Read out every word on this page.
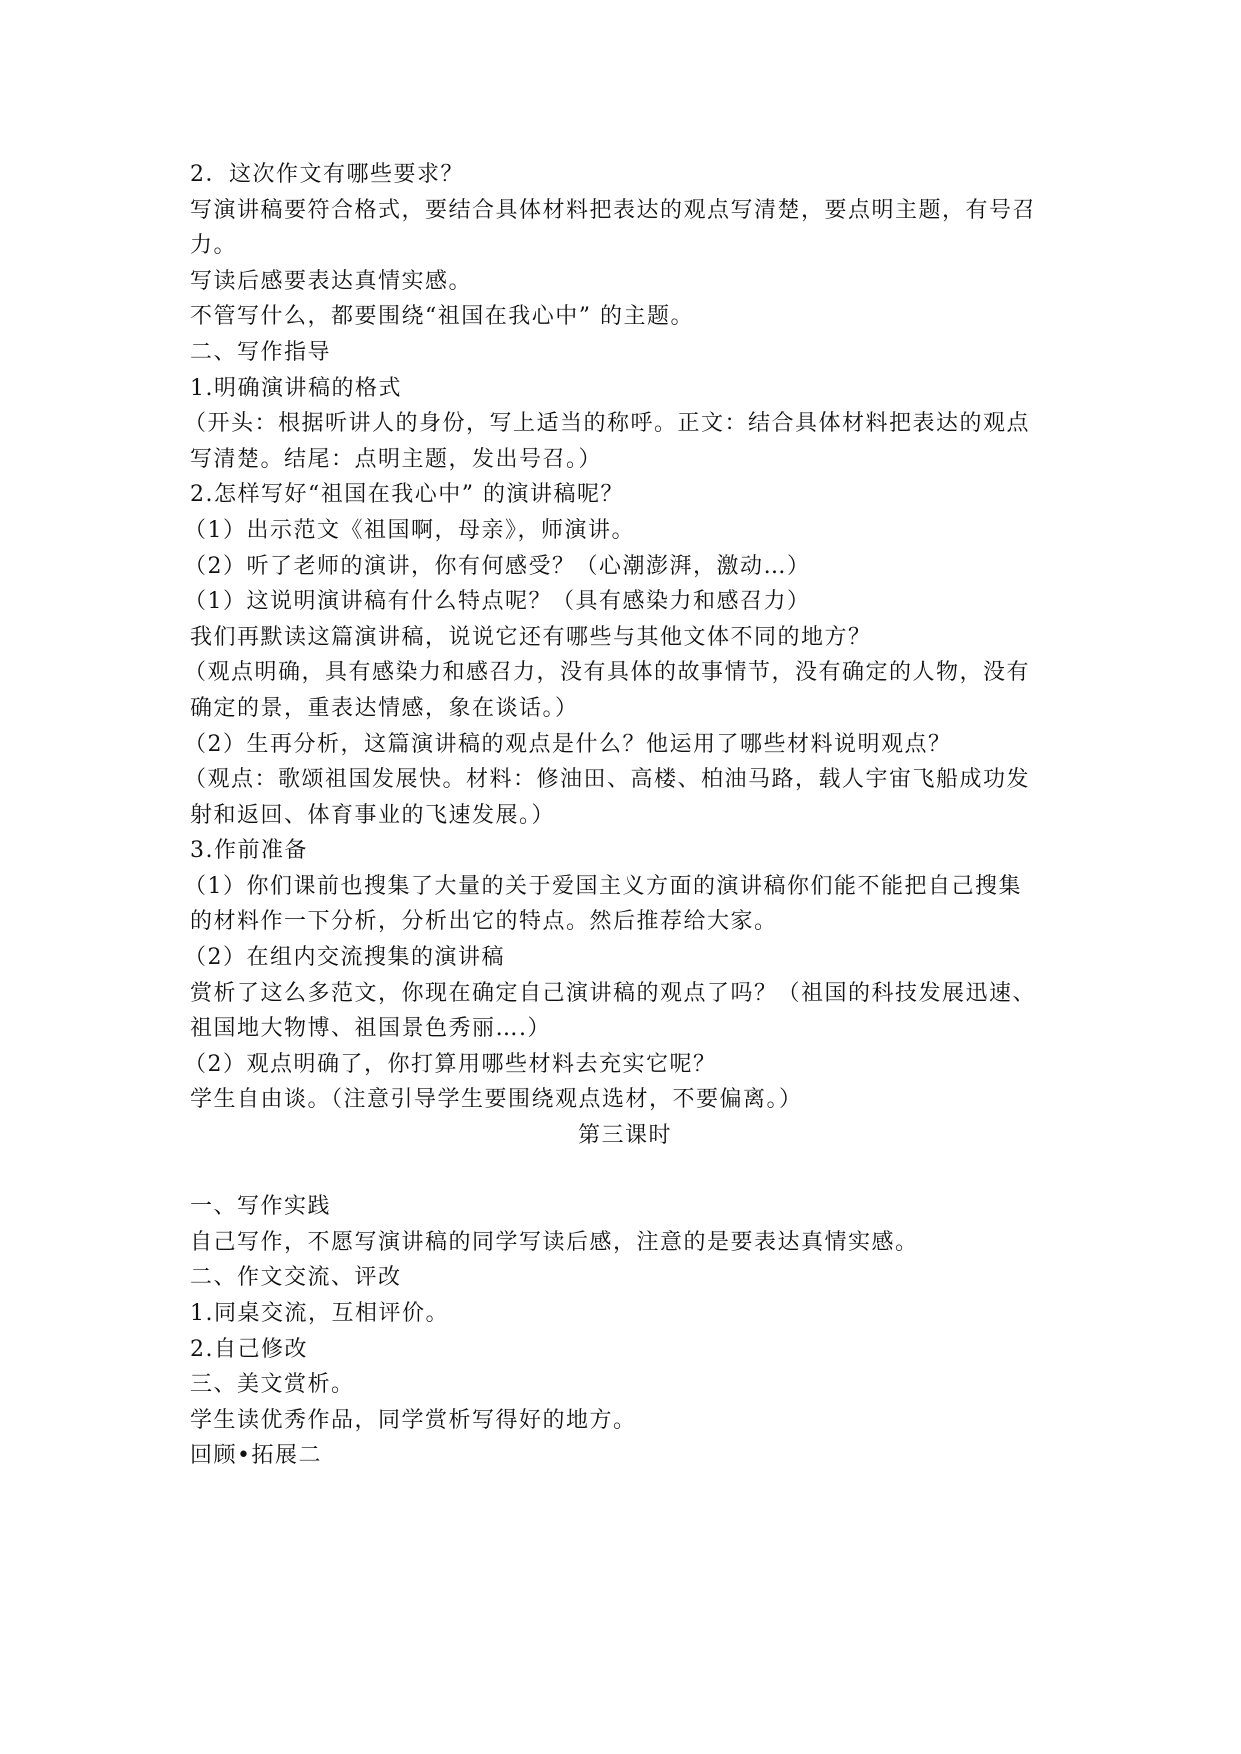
2．这次作文有哪些要求？
写演讲稿要符合格式，要结合具体材料把表达的观点写清楚，要点明主题，有号召
力。
写读后感要表达真情实感。
不管写什么，都要围绕“祖国在我心中” 的主题。
二、写作指导
1.明确演讲稿的格式
（开头：根据听讲人的身份，写上适当的称呼。正文：结合具体材料把表达的观点
写清楚。结尾：点明主题，发出号召。）
2.怎样写好“祖国在我心中” 的演讲稿呢？
（1）出示范文《祖国啊，母亲》，师演讲。
（2）听了老师的演讲，你有何感受？（心潮澎湃，激动…）
（1）这说明演讲稿有什么特点呢？（具有感染力和感召力）
我们再默读这篇演讲稿，说说它还有哪些与其他文体不同的地方？
（观点明确，具有感染力和感召力，没有具体的故事情节，没有确定的人物，没有
确定的景，重表达情感，象在谈话。）
（2）生再分析，这篇演讲稿的观点是什么？他运用了哪些材料说明观点？
（观点：歌颂祖国发展快。材料：修油田、高楼、柏油马路，载人宇宙飞船成功发
射和返回、体育事业的飞速发展。）
3.作前准备
（1）你们课前也搜集了大量的关于爱国主义方面的演讲稿你们能不能把自己搜集
的材料作一下分析，分析出它的特点。然后推荐给大家。
（2）在组内交流搜集的演讲稿
赏析了这么多范文，你现在确定自己演讲稿的观点了吗？（祖国的科技发展迅速、
祖国地大物博、祖国景色秀丽….）
（2）观点明确了，你打算用哪些材料去充实它呢？
学生自由谈。（注意引导学生要围绕观点选材，不要偏离。）
第三课时
一、写作实践
自己写作，不愿写演讲稿的同学写读后感，注意的是要表达真情实感。
二、作文交流、评改
1.同桌交流，互相评价。
2.自己修改
三、美文赏析。
学生读优秀作品，同学赏析写得好的地方。
回顾•拓展二
